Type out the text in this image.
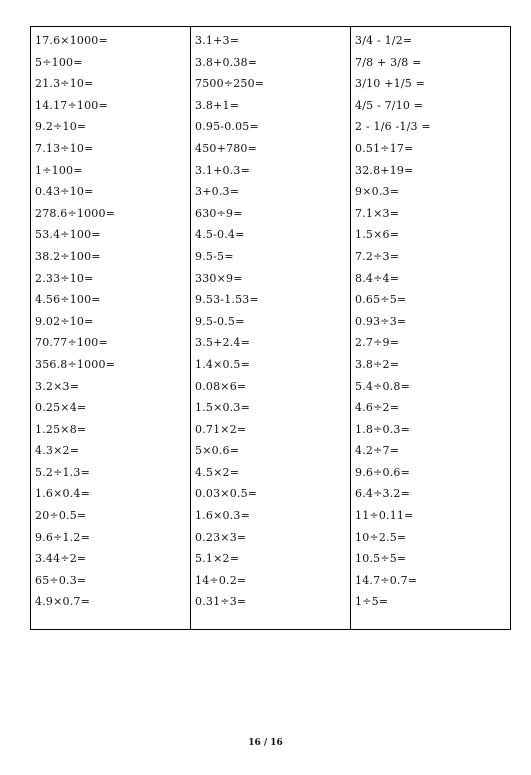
17.6×1000=
5÷100=
21.3÷10=
14.17÷100=
9.2÷10=
7.13÷10=
1÷100=
0.43÷10=
278.6÷1000=
53.4÷100=
38.2÷100=
2.33÷10=
4.56÷100=
9.02÷10=
70.77÷100=
356.8÷1000=
3.2×3=
0.25×4=
1.25×8=
4.3×2=
5.2÷1.3=
1.6×0.4=
20÷0.5=
9.6÷1.2=
3.44÷2=
65÷0.3=
4.9×0.7=
3.1+3=
3.8+0.38=
7500÷250=
3.8+1=
0.95-0.05=
450+780=
3.1+0.3=
3+0.3=
630÷9=
4.5-0.4=
9.5-5=
330×9=
9.53-1.53=
9.5-0.5=
3.5+2.4=
1.4×0.5=
0.08×6=
1.5×0.3=
0.71×2=
5×0.6=
4.5×2=
0.03×0.5=
1.6×0.3=
0.23×3=
5.1×2=
14÷0.2=
0.31÷3=
3/4 - 1/2=
7/8 + 3/8 =
3/10 +1/5 =
4/5 - 7/10 =
2 - 1/6 -1/3 =
0.51÷17=
32.8+19=
9×0.3=
7.1×3=
1.5×6=
7.2÷3=
8.4÷4=
0.65÷5=
0.93÷3=
2.7÷9=
3.8÷2=
5.4÷0.8=
4.6÷2=
1.8÷0.3=
4.2÷7=
9.6÷0.6=
6.4÷3.2=
11÷0.11=
10÷2.5=
10.5÷5=
14.7÷0.7=
1÷5=
16 / 16
